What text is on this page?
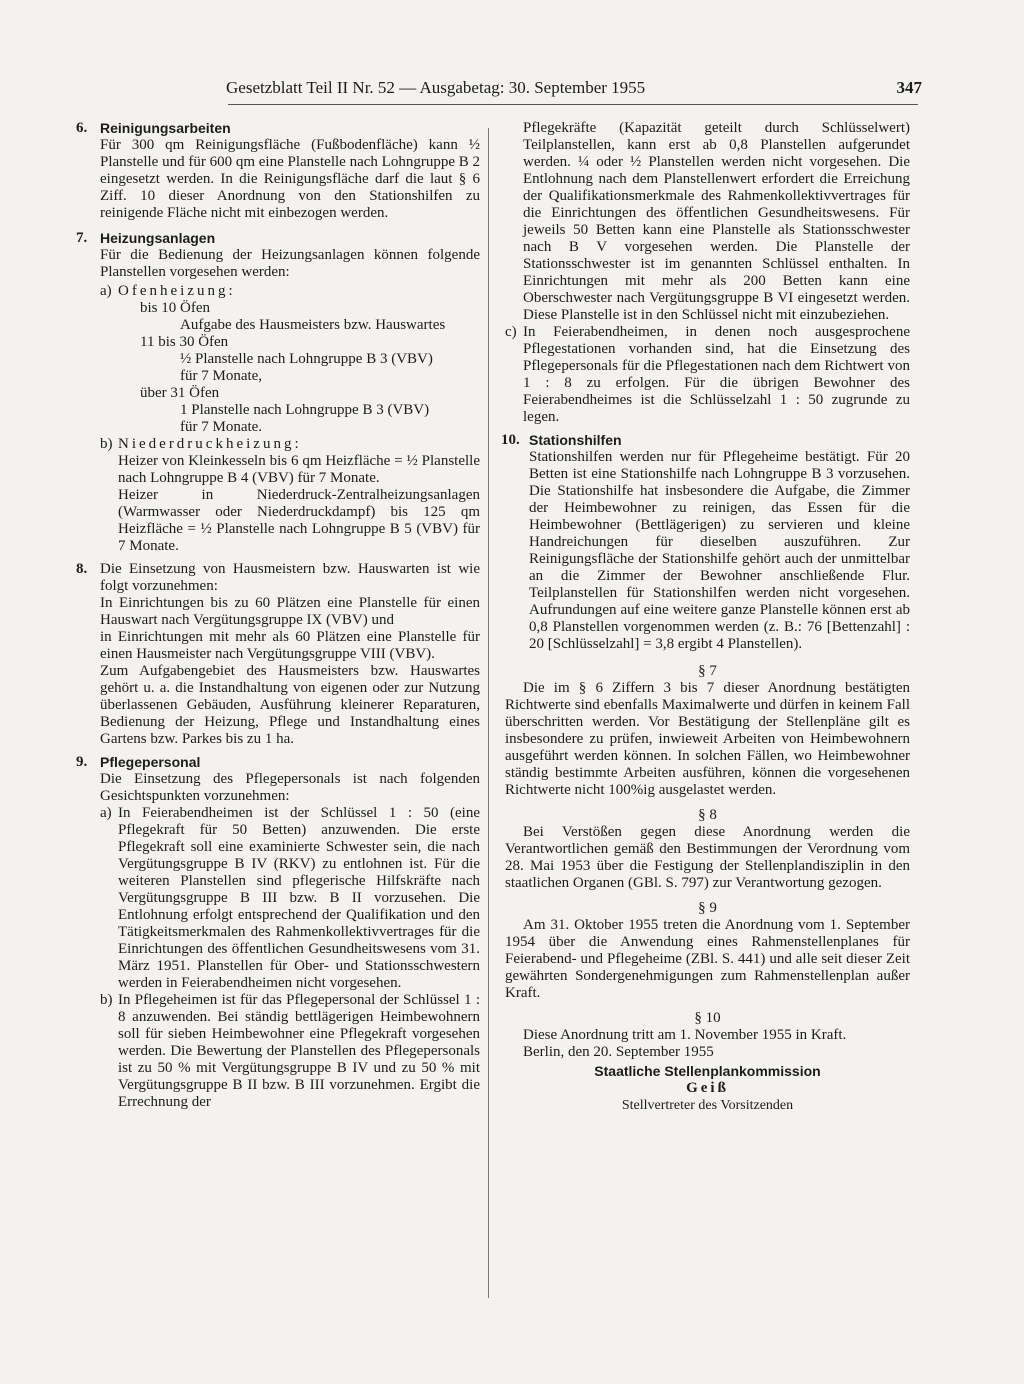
Gesetzblatt Teil II Nr. 52 — Ausgabetag: 30. September 1955	347
6. Reinigungsarbeiten

Für 300 qm Reinigungsfläche (Fußbodenfläche) kann ½ Planstelle und für 600 qm eine Planstelle nach Lohngruppe B 2 eingesetzt werden. In die Reinigungsfläche darf die laut § 6 Ziff. 10 dieser Anordnung von den Stationshilfen zu reinigende Fläche nicht mit einbezogen werden.

7. Heizungsanlagen

Für die Bedienung der Heizungsanlagen können folgende Planstellen vorgesehen werden:

a) Ofenheizung:
bis 10 Öfen
Aufgabe des Hausmeisters bzw. Hauswartes
11 bis 30 Öfen
½ Planstelle nach Lohngruppe B 3 (VBV)
für 7 Monate,
über 31 Öfen
1 Planstelle nach Lohngruppe B 3 (VBV)
für 7 Monate.
b) Niederdruckheizung:

Heizer von Kleinkesseln bis 6 qm Heizfläche = ½ Planstelle nach Lohngruppe B 4 (VBV) für 7 Monate.

Heizer in Niederdruck-Zentralheizungsanlagen (Warmwasser oder Niederdruckdampf) bis 125 qm Heizfläche = ½ Planstelle nach Lohngruppe B 5 (VBV) für 7 Monate.

8. Die Einsetzung von Hausmeistern bzw. Hauswarten ist wie folgt vorzunehmen:

In Einrichtungen bis zu 60 Plätzen eine Planstelle für einen Hauswart nach Vergütungsgruppe IX (VBV) und

in Einrichtungen mit mehr als 60 Plätzen eine Planstelle für einen Hausmeister nach Vergütungsgruppe VIII (VBV).

Zum Aufgabengebiet des Hausmeisters bzw. Hauswartes gehört u. a. die Instandhaltung von eigenen oder zur Nutzung überlassenen Gebäuden, Ausführung kleinerer Reparaturen, Bedienung der Heizung, Pflege und Instandhaltung eines Gartens bzw. Parkes bis zu 1 ha.

9. Pflegepersonal

Die Einsetzung des Pflegepersonals ist nach folgenden Gesichtspunkten vorzunehmen:

a) In Feierabendheimen ist der Schlüssel 1 : 50 (eine Pflegekraft für 50 Betten) anzuwenden. Die erste Pflegekraft soll eine examinierte Schwester sein, die nach Vergütungsgruppe B IV (RKV) zu entlohnen ist. Für die weiteren Planstellen sind pflegerische Hilfskräfte nach Vergütungsgruppe B III bzw. B II vorzusehen. Die Entlohnung erfolgt entsprechend der Qualifikation und den Tätigkeitsmerkmalen des Rahmenkollektivvertrages für die Einrichtungen des öffentlichen Gesundheitswesens vom 31. März 1951. Planstellen für Ober- und Stationsschwestern werden in Feierabendheimen nicht vorgesehen.

b) In Pflegeheimen ist für das Pflegepersonal der Schlüssel 1 : 8 anzuwenden. Bei ständig bettlägerigen Heimbewohnern soll für sieben Heimbewohner eine Pflegekraft vorgesehen werden. Die Bewertung der Planstellen des Pflegepersonals ist zu 50 % mit Vergütungsgruppe B IV und zu 50 % mit Vergütungsgruppe B II bzw. B III vorzunehmen. Ergibt die Errechnung der

Pflegekräfte (Kapazität geteilt durch Schlüsselwert) Teilplanstellen, kann erst ab 0,8 Planstellen aufgerundet werden. ¼ oder ½ Planstellen werden nicht vorgesehen. Die Entlohnung nach dem Planstellenwert erfordert die Erreichung der Qualifikationsmerkmale des Rahmenkollektivvertrages für die Einrichtungen des öffentlichen Gesundheitswesens. Für jeweils 50 Betten kann eine Planstelle als Stationsschwester nach B V vorgesehen werden. Die Planstelle der Stationsschwester ist im genannten Schlüssel enthalten. In Einrichtungen mit mehr als 200 Betten kann eine Oberschwester nach Vergütungsgruppe B VI eingesetzt werden. Diese Planstelle ist in den Schlüssel nicht mit einzubeziehen.

c) In Feierabendheimen, in denen noch ausgesprochene Pflegestationen vorhanden sind, hat die Einsetzung des Pflegepersonals für die Pflegestationen nach dem Richtwert von 1 : 8 zu erfolgen. Für die übrigen Bewohner des Feierabendheimes ist die Schlüsselzahl 1 : 50 zugrunde zu legen.

10. Stationshilfen

Stationshilfen werden nur für Pflegeheime bestätigt. Für 20 Betten ist eine Stationshilfe nach Lohngruppe B 3 vorzusehen. Die Stationshilfe hat insbesondere die Aufgabe, die Zimmer der Heimbewohner zu reinigen, das Essen für die Heimbewohner (Bettlägerigen) zu servieren und kleine Handreichungen für dieselben auszuführen. Zur Reinigungsfläche der Stationshilfe gehört auch der unmittelbar an die Zimmer der Bewohner anschließende Flur. Teilplanstellen für Stationshilfen werden nicht vorgesehen. Aufrundungen auf eine weitere ganze Planstelle können erst ab 0,8 Planstellen vorgenommen werden (z. B.: 76 [Bettenzahl] : 20 [Schlüsselzahl] = 3,8 ergibt 4 Planstellen).

§ 7

Die im § 6 Ziffern 3 bis 7 dieser Anordnung bestätigten Richtwerte sind ebenfalls Maximalwerte und dürfen in keinem Fall überschritten werden. Vor Bestätigung der Stellenpläne gilt es insbesondere zu prüfen, inwieweit Arbeiten von Heimbewohnern ausgeführt werden können. In solchen Fällen, wo Heimbewohner ständig bestimmte Arbeiten ausführen, können die vorgesehenen Richtwerte nicht 100%ig ausgelastet werden.

§ 8

Bei Verstößen gegen diese Anordnung werden die Verantwortlichen gemäß den Bestimmungen der Verordnung vom 28. Mai 1953 über die Festigung der Stellenplandisziplin in den staatlichen Organen (GBl. S. 797) zur Verantwortung gezogen.

§ 9

Am 31. Oktober 1955 treten die Anordnung vom 1. September 1954 über die Anwendung eines Rahmenstellenplanes für Feierabend- und Pflegeheime (ZBl. S. 441) und alle seit dieser Zeit gewährten Sondergenehmigungen zum Rahmenstellenplan außer Kraft.

§ 10

Diese Anordnung tritt am 1. November 1955 in Kraft.

Berlin, den 20. September 1955

Staatliche Stellenplankommission

Geiß

Stellvertreter des Vorsitzenden
